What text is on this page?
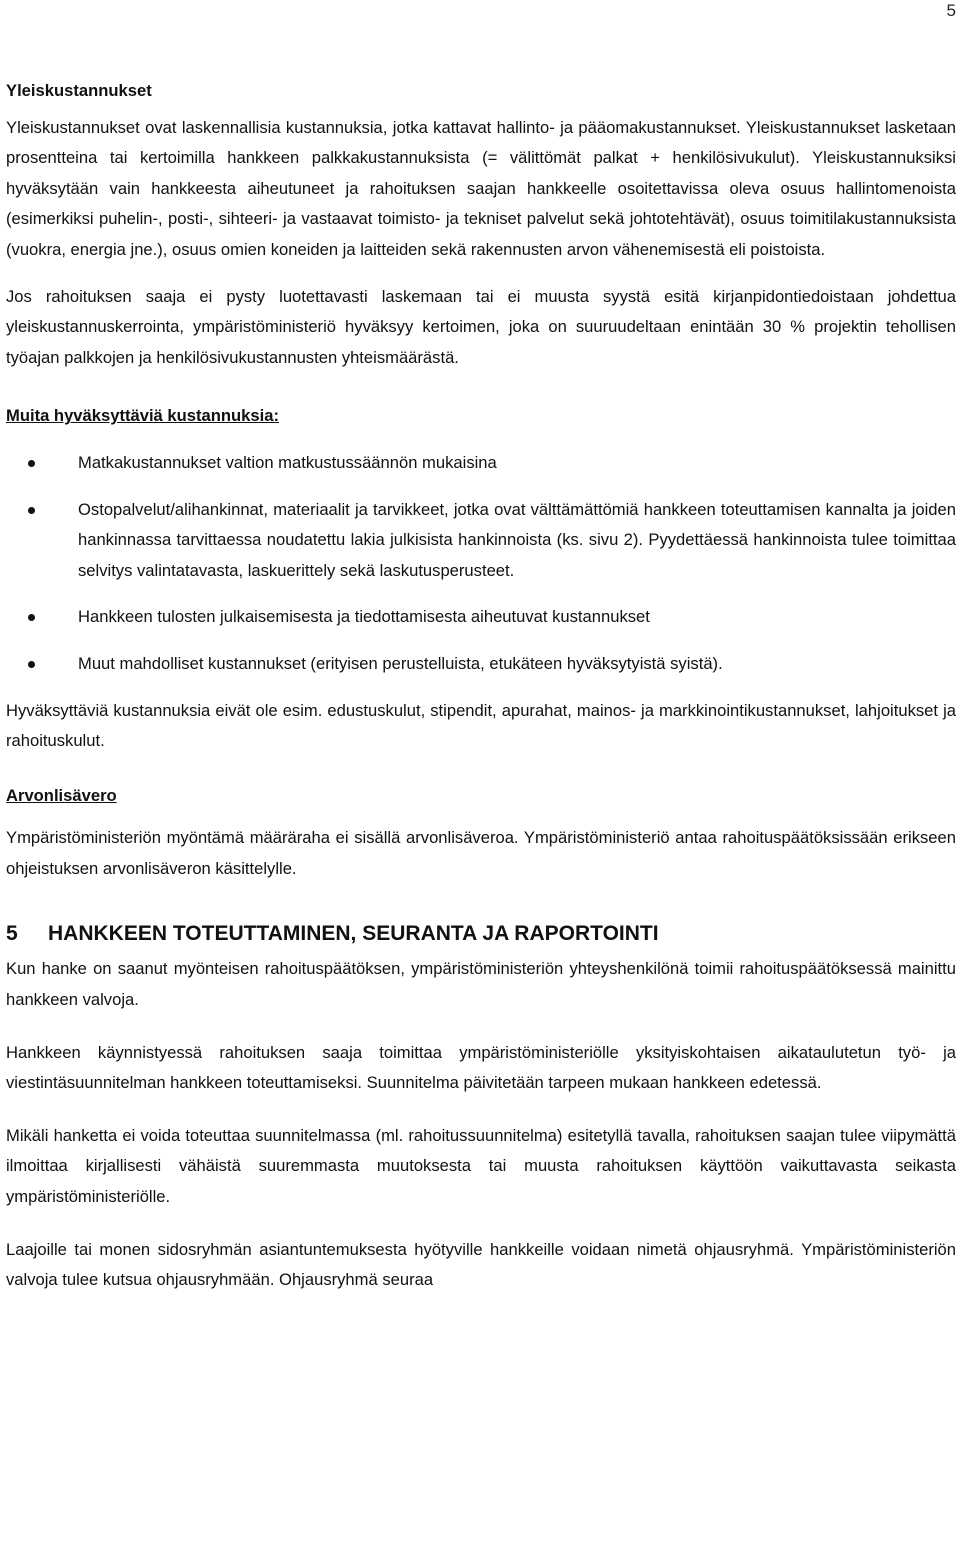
5
Yleiskustannukset

Yleiskustannukset ovat laskennallisia kustannuksia, jotka kattavat hallinto- ja pääomakustannukset. Yleiskustannukset lasketaan prosentteina tai kertoimilla hankkeen palkkakustannuksista (= välittömät palkat + henkilösivukulut). Yleiskustannuksiksi hyväksytään vain hankkeesta aiheutuneet ja rahoituksen saajan hankkeelle osoitettavissa oleva osuus hallintomenoista (esimerkiksi puhelin-, posti-, sihteeri- ja vastaavat toimisto- ja tekniset palvelut sekä johtotehtävät), osuus toimitilakustannuksista (vuokra, energia jne.), osuus omien koneiden ja laitteiden sekä rakennusten arvon vähenemisestä eli poistoista.

Jos rahoituksen saaja ei pysty luotettavasti laskemaan tai ei muusta syystä esitä kirjanpidontiedoistaan johdettua yleiskustannuskerrointa, ympäristöministeriö hyväksyy kertoimen, joka on suuruudeltaan enintään 30 % projektin tehollisen työajan palkkojen ja henkilösivukustannusten yhteismäärästä.

Muita hyväksyttäviä kustannuksia:
Matkakustannukset valtion matkustussäännön mukaisina
Ostopalvelut/alihankinnat, materiaalit ja tarvikkeet, jotka ovat välttämättömiä hankkeen toteuttamisen kannalta ja joiden hankinnassa tarvittaessa noudatettu lakia julkisista hankinnoista (ks. sivu 2). Pyydettäessä hankinnoista tulee toimittaa selvitys valintatavasta, laskuerittely sekä laskutusperusteet.
Hankkeen tulosten julkaisemisesta ja tiedottamisesta aiheutuvat kustannukset
Muut mahdolliset kustannukset (erityisen perustelluista, etukäteen hyväksytyistä syistä).

Hyväksyttäviä kustannuksia eivät ole esim. edustuskulut, stipendit, apurahat, mainos- ja markkinointikustannukset, lahjoitukset ja rahoituskulut.

Arvonlisävero

Ympäristöministeriön myöntämä määräraha ei sisällä arvonlisäveroa. Ympäristöministeriö antaa rahoituspäätöksissään erikseen ohjeistuksen arvonlisäveron käsittelylle.

5	HANKKEEN TOTEUTTAMINEN, SEURANTA JA RAPORTOINTI

Kun hanke on saanut myönteisen rahoituspäätöksen, ympäristöministeriön yhteyshenkilönä toimii rahoituspäätöksessä mainittu hankkeen valvoja.

Hankkeen käynnistyessä rahoituksen saaja toimittaa ympäristöministeriölle yksityiskohtaisen aikataulutetun työ- ja viestintäsuunnitelman hankkeen toteuttamiseksi. Suunnitelma päivitetään tarpeen mukaan hankkeen edetessä.

Mikäli hanketta ei voida toteuttaa suunnitelmassa (ml. rahoitussuunnitelma) esitetyllä tavalla, rahoituksen saajan tulee viipymättä ilmoittaa kirjallisesti vähäistä suuremmasta muutoksesta tai muusta rahoituksen käyttöön vaikuttavasta seikasta ympäristöministeriölle.

Laajoille tai monen sidosryhmän asiantuntemuksesta hyötyville hankkeille voidaan nimetä ohjausryhmä. Ympäristöministeriön valvoja tulee kutsua ohjausryhmään. Ohjausryhmä seuraa
